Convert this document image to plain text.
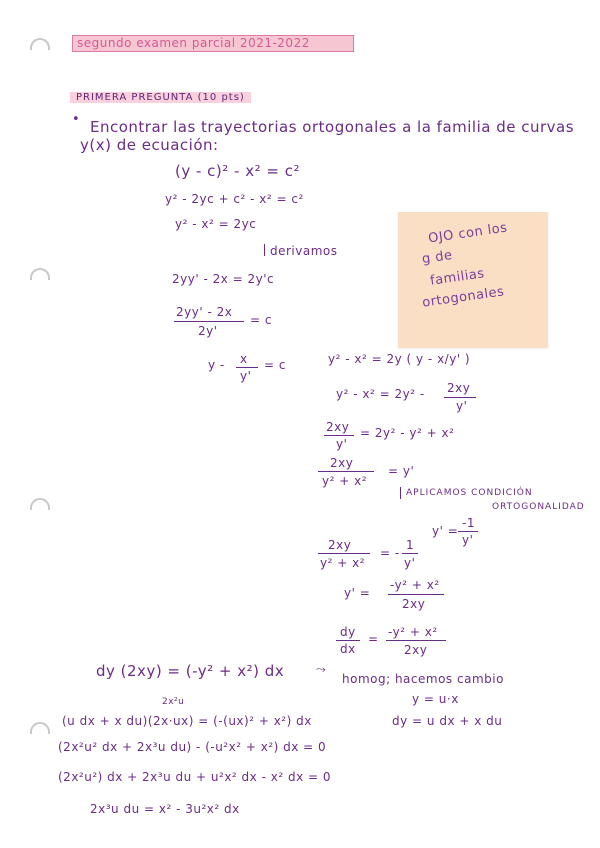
segundo examen parcial 2021-2022
PRIMERA PREGUNTA (10 pts)
• Encontrar las trayectorias ortogonales a la familia de curvas
y(x) de ecuación:
OJO con los
g de
familias
ortogonales
(y - c)² - x² = c²
y² - 2yc + c² - x² = c²
y² - x² = 2yc
derivamos
2yy' - 2x = 2y'c
2yy' - 2x
2y'
= c
y - x
y'
= c	y² - x² = 2y ( y - x/y' )
y² - x² = 2y² - 2xy
y'
2xy
y'
= 2y² - y² + x²
2xy
y² + x²
= y'
APLICAMOS CONDICIÓN
ORTOGONALIDAD
y' =
-1
y'
2xy
y² + x²
= -
1
y'
y' =
-y² + x²
2xy
dy
dx
= -y² + x²
2xy
dy (2xy) = (-y² + x²) dx	⤳
homog; hacemos cambio
y = u·x
dy = u dx + x du
2x²u
(u dx + x du)(2x·ux) = (-(ux)² + x²) dx
(2x²u² dx + 2x³u du) - (-u²x² + x²) dx = 0
(2x²u²) dx + 2x³u du + u²x² dx - x² dx = 0
2x³u du = x² - 3u²x² dx
